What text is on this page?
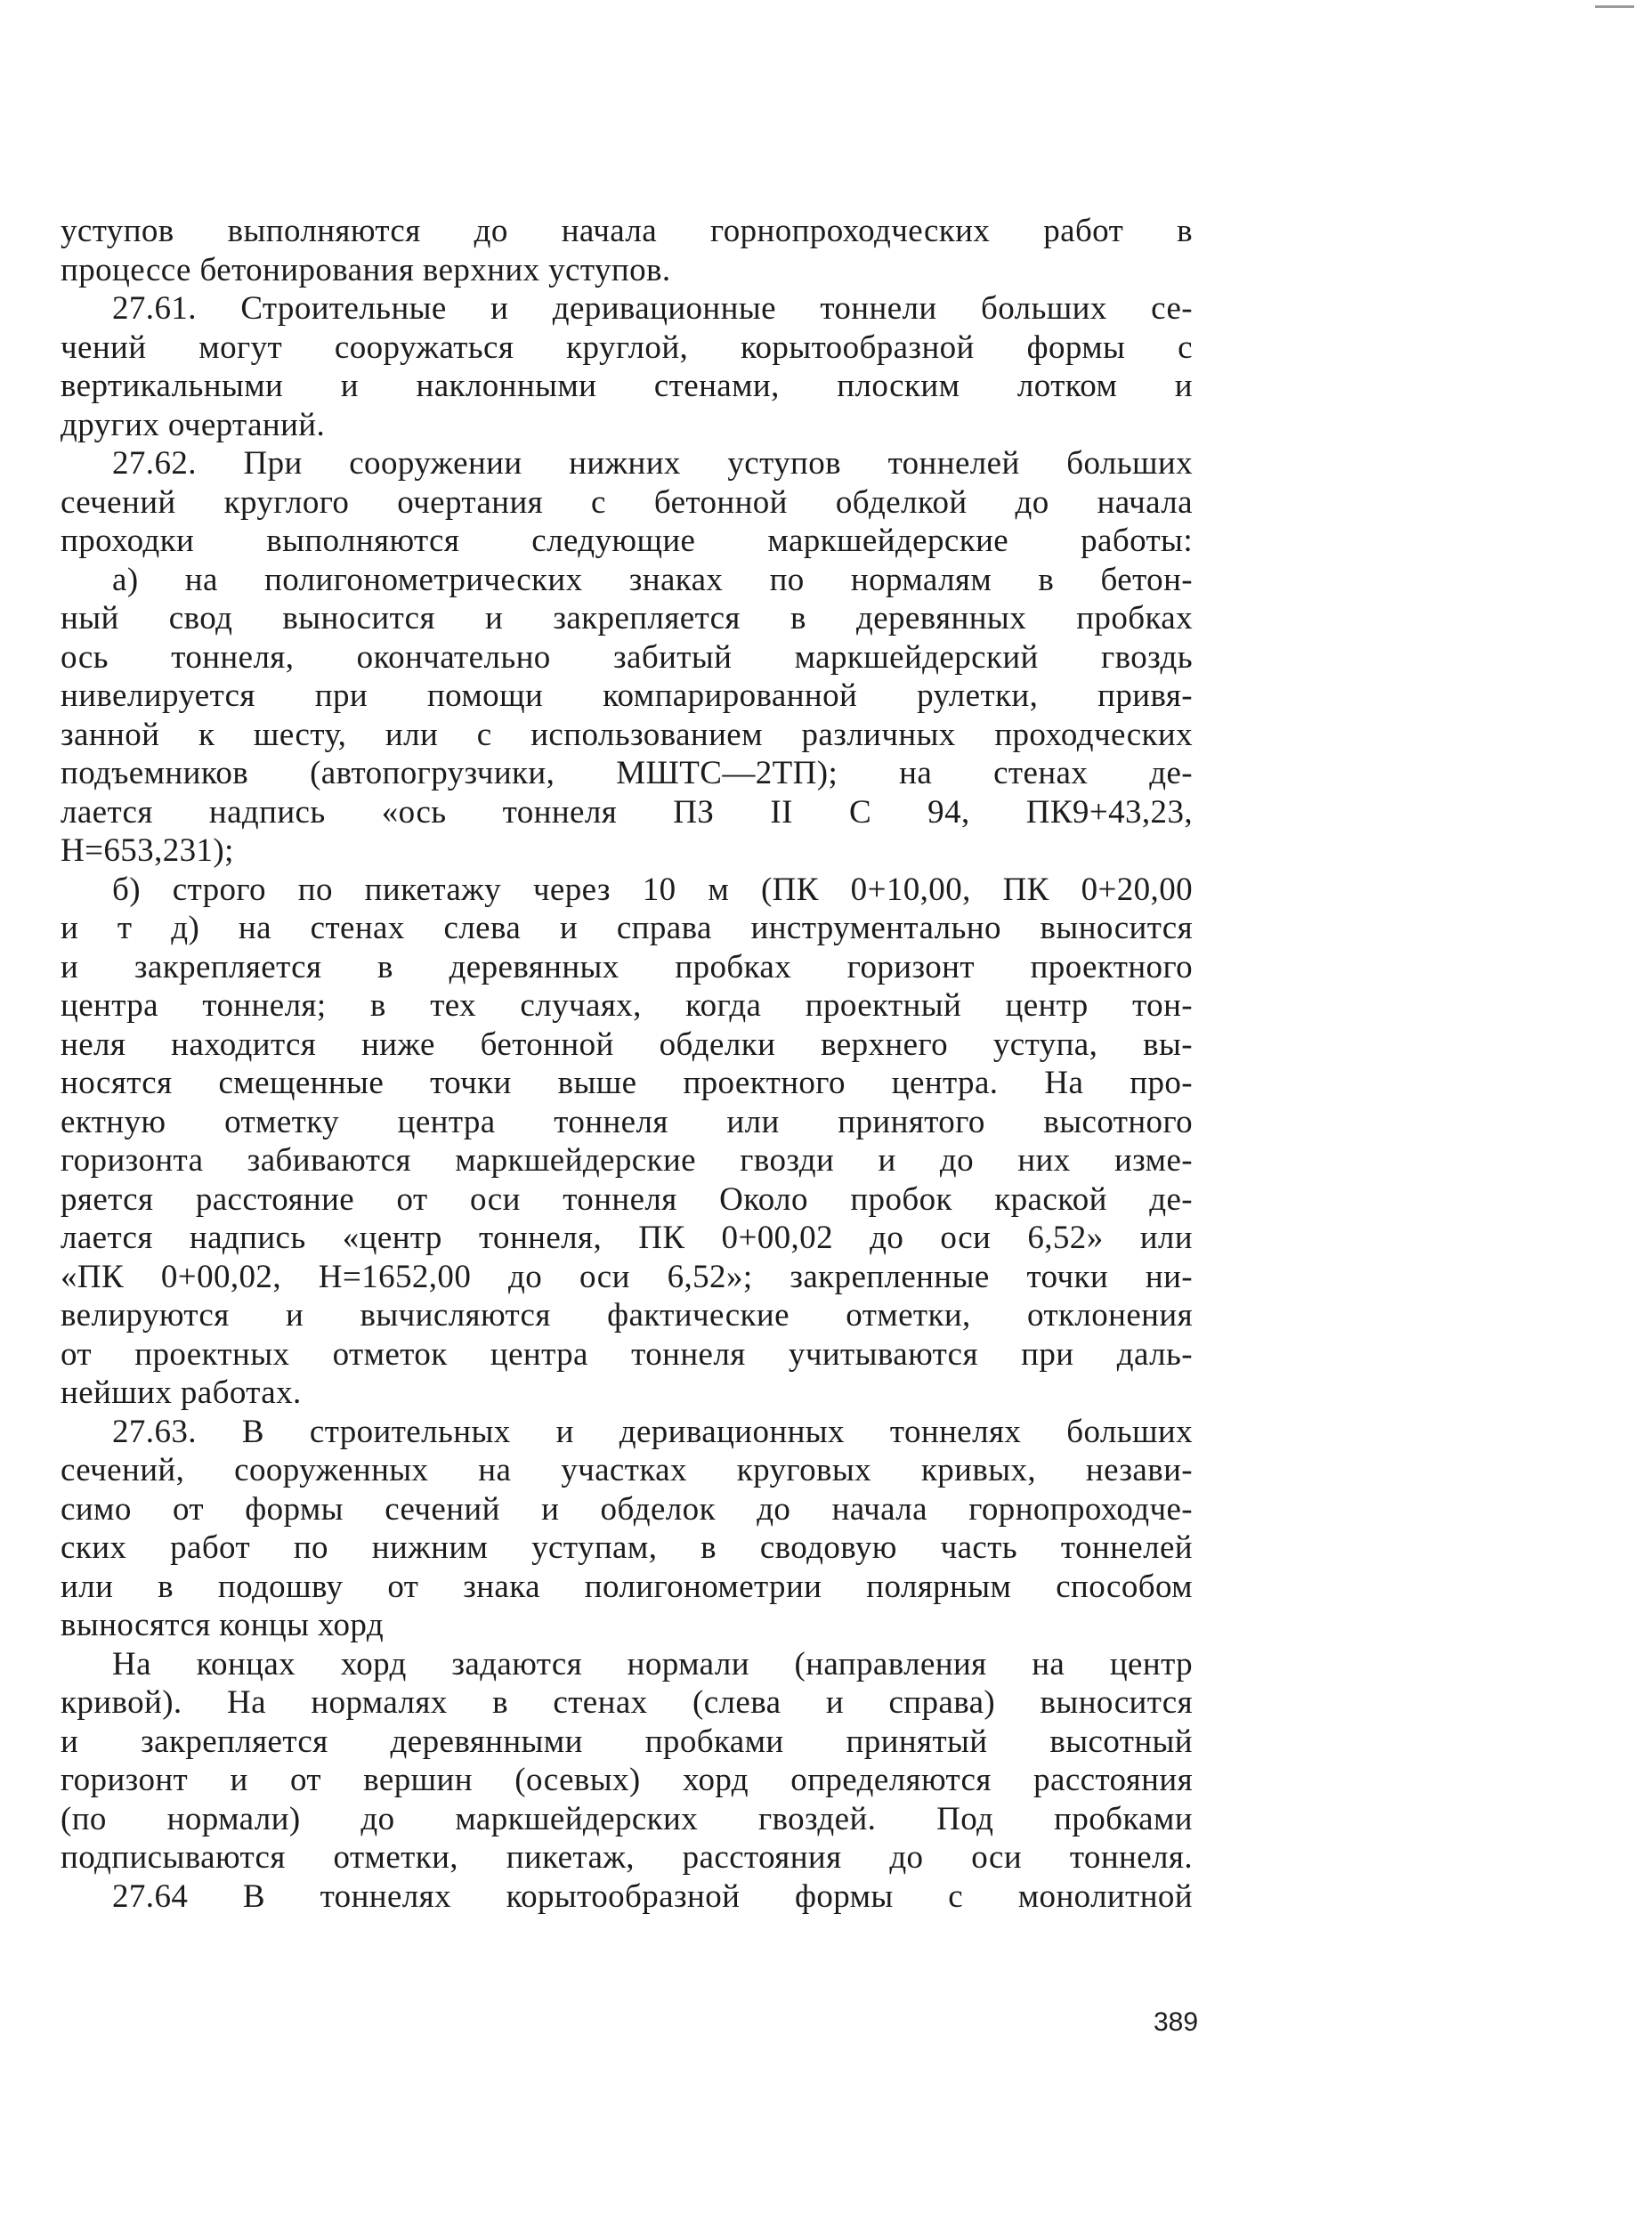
уступов выполняются до начала горнопроходческих работ в
процессе бетонирования верхних уступов.
27.61. Строительные и деривационные тоннели больших се-
чений могут сооружаться круглой, корытообразной формы с
вертикальными и наклонными стенами, плоским лотком и
других очертаний.
27.62. При сооружении нижних уступов тоннелей больших
сечений круглого очертания с бетонной обделкой до начала
проходки выполняются следующие маркшейдерские работы:
а) на полигонометрических знаках по нормалям в бетон-
ный свод выносится и закрепляется в деревянных пробках
ось тоннеля, окончательно забитый маркшейдерский гвоздь
нивелируется при помощи компарированной рулетки, привя-
занной к шесту, или с использованием различных проходческих
подъемников (автопогрузчики, МШТС—2ТП); на стенах де-
лается надпись «ось тоннеля ПЗ II С 94, ПК9+43,23,
Н=653,231);
б) строго по пикетажу через 10 м (ПК 0+10,00, ПК 0+20,00
и т д) на стенах слева и справа инструментально выносится
и закрепляется в деревянных пробках горизонт проектного
центра тоннеля; в тех случаях, когда проектный центр тон-
неля находится ниже бетонной обделки верхнего уступа, вы-
носятся смещенные точки выше проектного центра. На про-
ектную отметку центра тоннеля или принятого высотного
горизонта забиваются маркшейдерские гвозди и до них изме-
ряется расстояние от оси тоннеля Около пробок краской де-
лается надпись «центр тоннеля, ПК 0+00,02 до оси 6,52» или
«ПК 0+00,02, Н=1652,00 до оси 6,52»; закрепленные точки ни-
велируются и вычисляются фактические отметки, отклонения
от проектных отметок центра тоннеля учитываются при даль-
нейших работах.
27.63. В строительных и деривационных тоннелях больших
сечений, сооруженных на участках круговых кривых, незави-
симо от формы сечений и обделок до начала горнопроходче-
ских работ по нижним уступам, в сводовую часть тоннелей
или в подошву от знака полигонометрии полярным способом
выносятся концы хорд
На концах хорд задаются нормали (направления на центр
кривой). На нормалях в стенах (слева и справа) выносится
и закрепляется деревянными пробками принятый высотный
горизонт и от вершин (осевых) хорд определяются расстояния
(по нормали) до маркшейдерских гвоздей. Под пробками
подписываются отметки, пикетаж, расстояния до оси тоннеля.
27.64 В тоннелях корытообразной формы с монолитной
389
